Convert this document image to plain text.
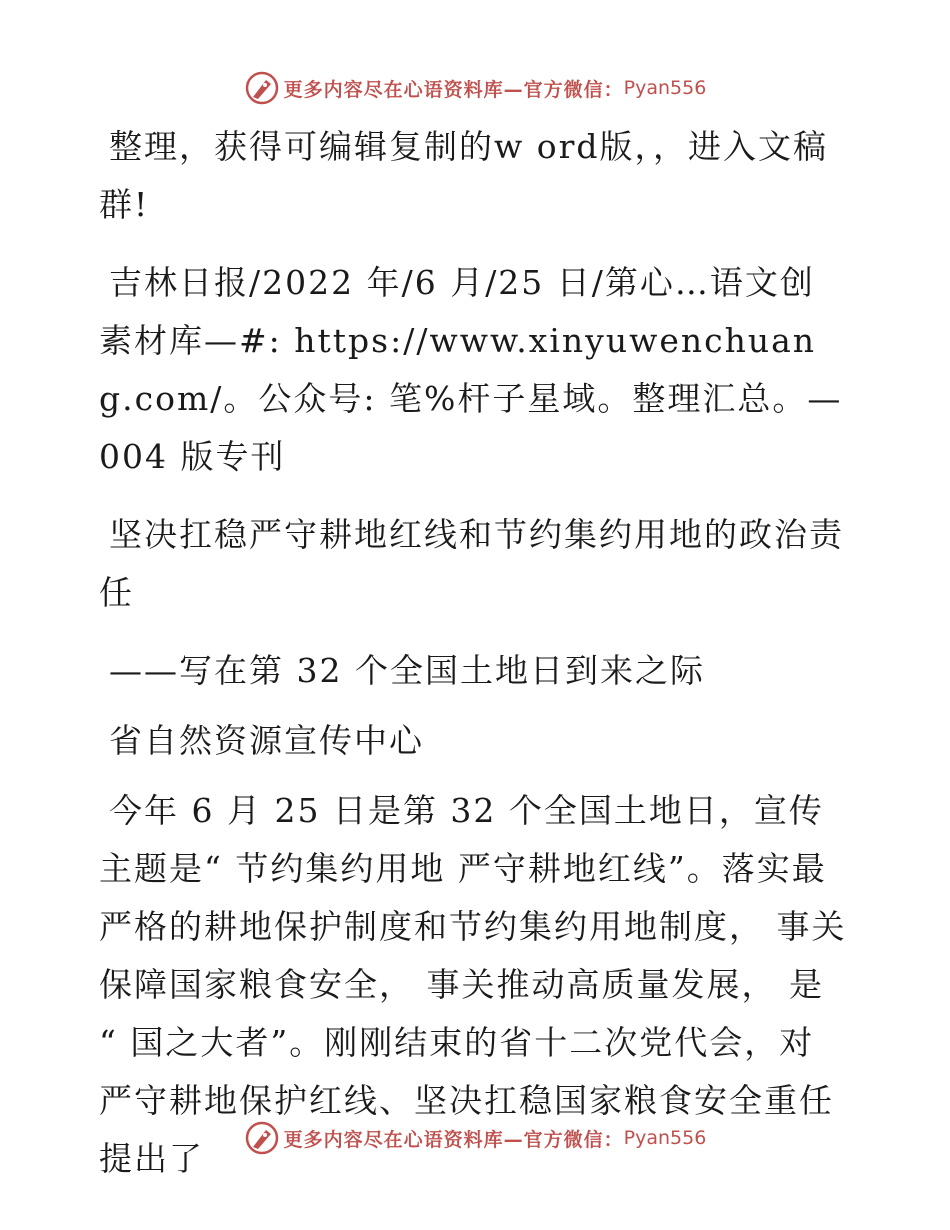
更多内容尽在心语资料库—官方微信： Pyan556

整理，获得可编辑复制的w ord版，，进入文稿群!

吉林日报/2022 年/6 月/25 日/第心…语文创素材库—#: https://www.xinyuwenchuang.com/。公众号: 笔%杆子星域。整理汇总。— 004 版专刊

坚决扛稳严守耕地红线和节约集约用地的政治责任

——写在第 32 个全国土地日到来之际

省自然资源宣传中心

今年 6 月 25 日是第 32 个全国土地日，宣传主题是“ 节约集约用地 严守耕地红线”。落实最严格的耕地保护制度和节约集约用地制度， 事关保障国家粮食安全， 事关推动高质量发展， 是 “ 国之大者”。刚刚结束的省十二次党代会，对严守耕地保护红线、坚决扛稳国家粮食安全重任提出了	更多内容尽在心语资料库—官方微信： Pyan556
